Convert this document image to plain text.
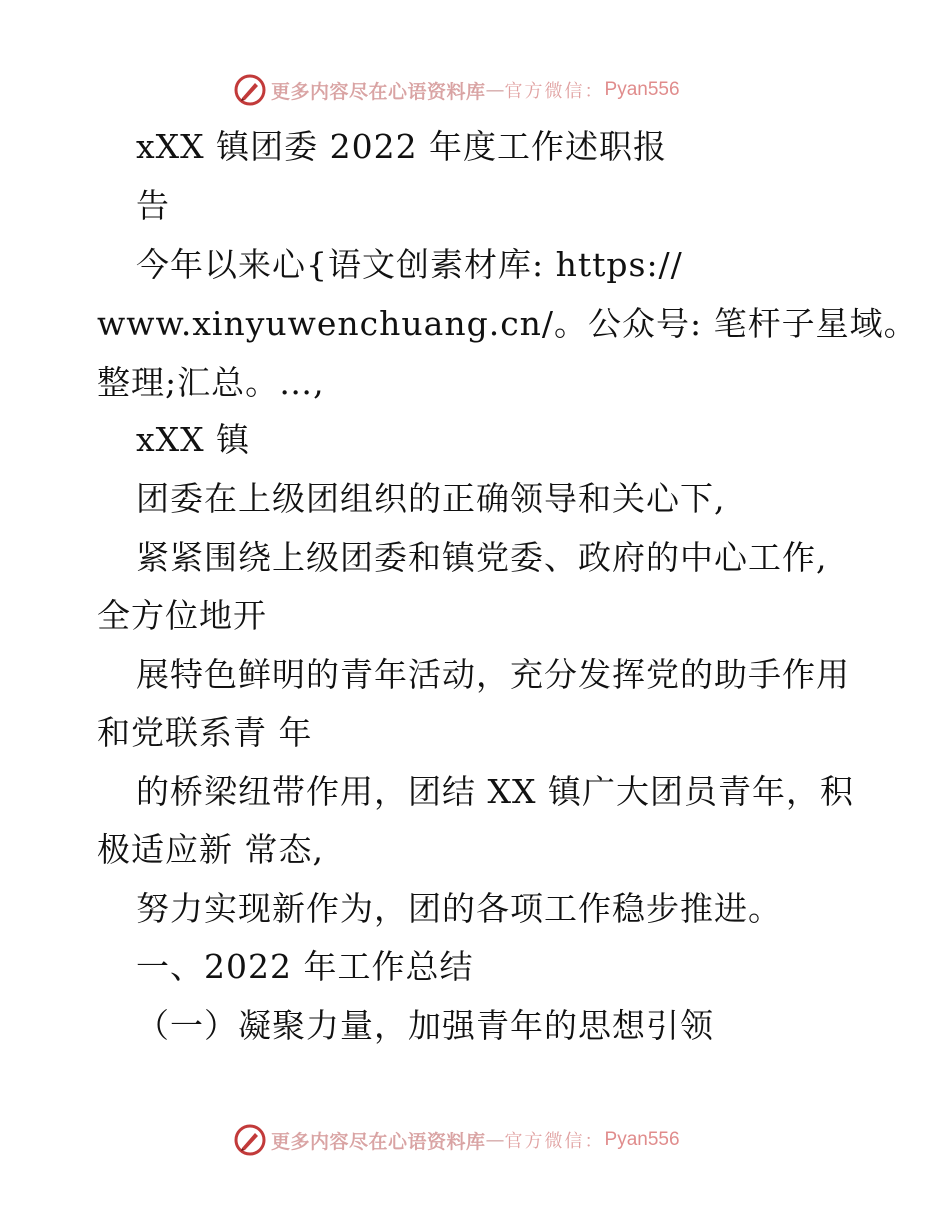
更多内容尽在心语资料库 — 官方微信： Pyan556
xXX 镇团委 2022 年度工作述职报
告
今年以来心{语文创素材库: https://
www.xinyuwenchuang.cn/。公众号: 笔杆子星域。
整理;汇总。…,
xXX 镇
团委在上级团组织的正确领导和关心下,
紧紧围绕上级团委和镇党委、政府的中心工作,
全方位地开
展特色鲜明的青年活动，充分发挥党的助手作用
和党联系青 年
的桥梁纽带作用，团结 XX 镇广大团员青年，积
极适应新 常态,
努力实现新作为，团的各项工作稳步推进。
一、2022 年工作总结
（一）凝聚力量，加强青年的思想引领
更多内容尽在心语资料库 — 官方微信： Pyan556
